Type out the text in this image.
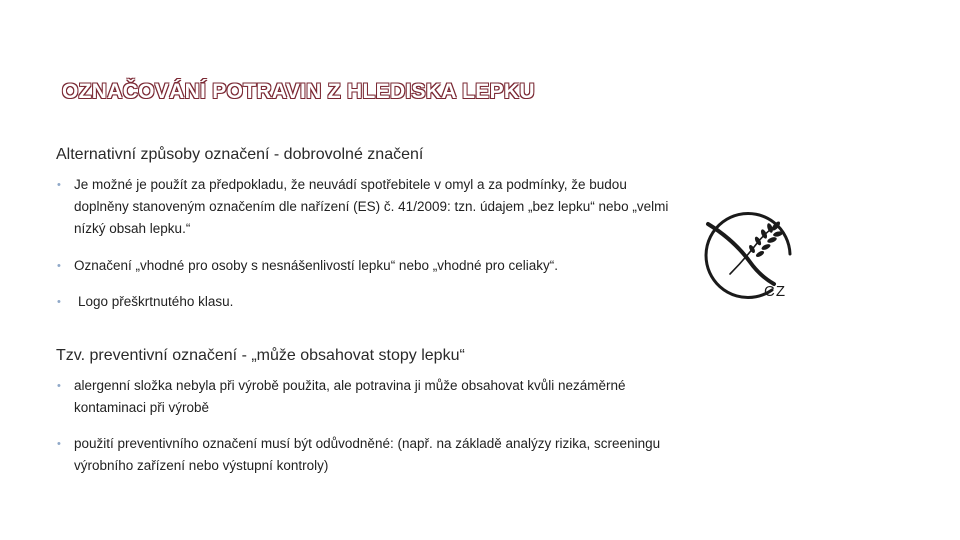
OZNAČOVÁNÍ POTRAVIN Z HLEDISKA LEPKU
Alternativní způsoby označení - dobrovolné značení
• Je možné je použít za předpokladu, že neuvádí spotřebitele v omyl a za podmínky, že budou doplněny stanoveným označením dle nařízení (ES) č. 41/2009: tzn. údajem „bez lepku“ nebo „velmi nízký obsah lepku.“
• Označení „vhodné pro osoby s nesnášenlivostí lepku“ nebo „vhodné pro celiaky“.
• Logo přeškrtnutého klasu.
Tzv. preventivní označení - „může obsahovat stopy lepku“
• alergenní složka nebyla při výrobě použita, ale potravina ji může obsahovat kvůli nezáměrné kontaminaci při výrobě
• použití preventivního označení musí být odůvodněné: (např. na základě analýzy rizika, screeningu výrobního zařízení nebo výstupní kontroly)
CZ
